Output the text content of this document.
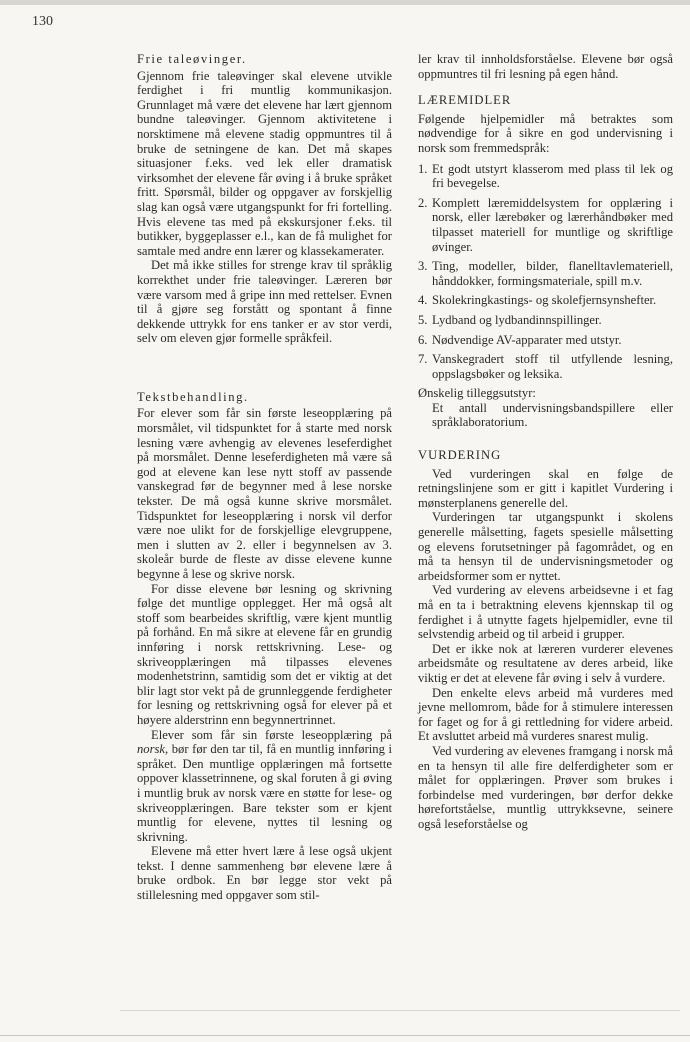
130
Frie taleøvinger.

Gjennom frie taleøvinger skal elevene utvikle ferdighet i fri muntlig kommunikasjon. Grunnlaget må være det elevene har lært gjennom bundne taleøvinger. Gjennom aktivitetene i norsktimene må elevene stadig oppmuntres til å bruke de setningene de kan. Det må skapes situasjoner f.eks. ved lek eller dramatisk virksomhet der elevene får øving i å bruke språket fritt. Spørsmål, bilder og oppgaver av forskjellig slag kan også være utgangspunkt for fri fortelling. Hvis elevene tas med på ekskursjoner f.eks. til butikker, byggeplasser e.l., kan de få mulighet for samtale med andre enn lærer og klassekamerater.

Det må ikke stilles for strenge krav til språklig korrekthet under frie taleøvinger. Læreren bør være varsom med å gripe inn med rettelser. Evnen til å gjøre seg forstått og spontant å finne dekkende uttrykk for ens tanker er av stor verdi, selv om eleven gjør formelle språkfeil.

Tekstbehandling.

For elever som får sin første leseopplæring på morsmålet, vil tidspunktet for å starte med norsk lesning være avhengig av elevenes leseferdighet på morsmålet. Denne leseferdigheten må være så god at elevene kan lese nytt stoff av passende vanskegrad før de begynner med å lese norske tekster. De må også kunne skrive morsmålet. Tidspunktet for leseopplæring i norsk vil derfor være noe ulikt for de forskjellige elevgruppene, men i slutten av 2. eller i begynnelsen av 3. skoleår burde de fleste av disse elevene kunne begynne å lese og skrive norsk.

For disse elevene bør lesning og skrivning følge det muntlige opplegget. Her må også alt stoff som bearbeides skriftlig, være kjent muntlig på forhånd. En må sikre at elevene får en grundig innføring i norsk rettskrivning. Lese- og skriveopplæringen må tilpasses elevenes modenhetstrinn, samtidig som det er viktig at det blir lagt stor vekt på de grunnleggende ferdigheter for lesning og rettskrivning også for elever på et høyere alderstrinn enn begynnertrinnet.

Elever som får sin første leseopplæring på norsk, bør før den tar til, få en muntlig innføring i språket. Den muntlige opplæringen må fortsette oppover klassetrinnene, og skal foruten å gi øving i muntlig bruk av norsk være en støtte for lese- og skriveopplæringen. Bare tekster som er kjent muntlig for elevene, nyttes til lesning og skrivning.

Elevene må etter hvert lære å lese også ukjent tekst. I denne sammenheng bør elevene lære å bruke ordbok. En bør legge stor vekt på stillelesning med oppgaver som stil-

ler krav til innholdsforståelse. Elevene bør også oppmuntres til fri lesning på egen hånd.

LÆREMIDLER

Følgende hjelpemidler må betraktes som nødvendige for å sikre en god undervisning i norsk som fremmedspråk:

1. Et godt utstyrt klasserom med plass til lek og fri bevegelse.
2. Komplett læremiddelsystem for opplæring i norsk, eller lærebøker og lærerhåndbøker med tilpasset materiell for muntlige og skriftlige øvinger.
3. Ting, modeller, bilder, flanelltavlemateriell, hånddokker, formingsmateriale, spill m.v.
4. Skolekringkastings- og skolefjernsynshefter.
5. Lydband og lydbandinnspillinger.
6. Nødvendige AV-apparater med utstyr.
7. Vanskegradert stoff til utfyllende lesning, oppslagsbøker og leksika.

Ønskelig tilleggsutstyr:

Et antall undervisningsbandspillere eller språklaboratorium.

VURDERING

Ved vurderingen skal en følge de retningslinjene som er gitt i kapitlet Vurdering i mønsterplanens generelle del.

Vurderingen tar utgangspunkt i skolens generelle målsetting, fagets spesielle målsetting og elevens forutsetninger på fagområdet, og en må ta hensyn til de undervisningsmetoder og arbeidsformer som er nyttet.

Ved vurdering av elevens arbeidsevne i et fag må en ta i betraktning elevens kjennskap til og ferdighet i å utnytte fagets hjelpemidler, evne til selvstendig arbeid og til arbeid i grupper.

Det er ikke nok at læreren vurderer elevenes arbeidsmåte og resultatene av deres arbeid, like viktig er det at elevene får øving i selv å vurdere.

Den enkelte elevs arbeid må vurderes med jevne mellomrom, både for å stimulere interessen for faget og for å gi rettledning for videre arbeid. Et avsluttet arbeid må vurderes snarest mulig.

Ved vurdering av elevenes framgang i norsk må en ta hensyn til alle fire delferdigheter som er målet for opplæringen. Prøver som brukes i forbindelse med vurderingen, bør derfor dekke hørefortståelse, muntlig uttrykksevne, seinere også leseforståelse og
